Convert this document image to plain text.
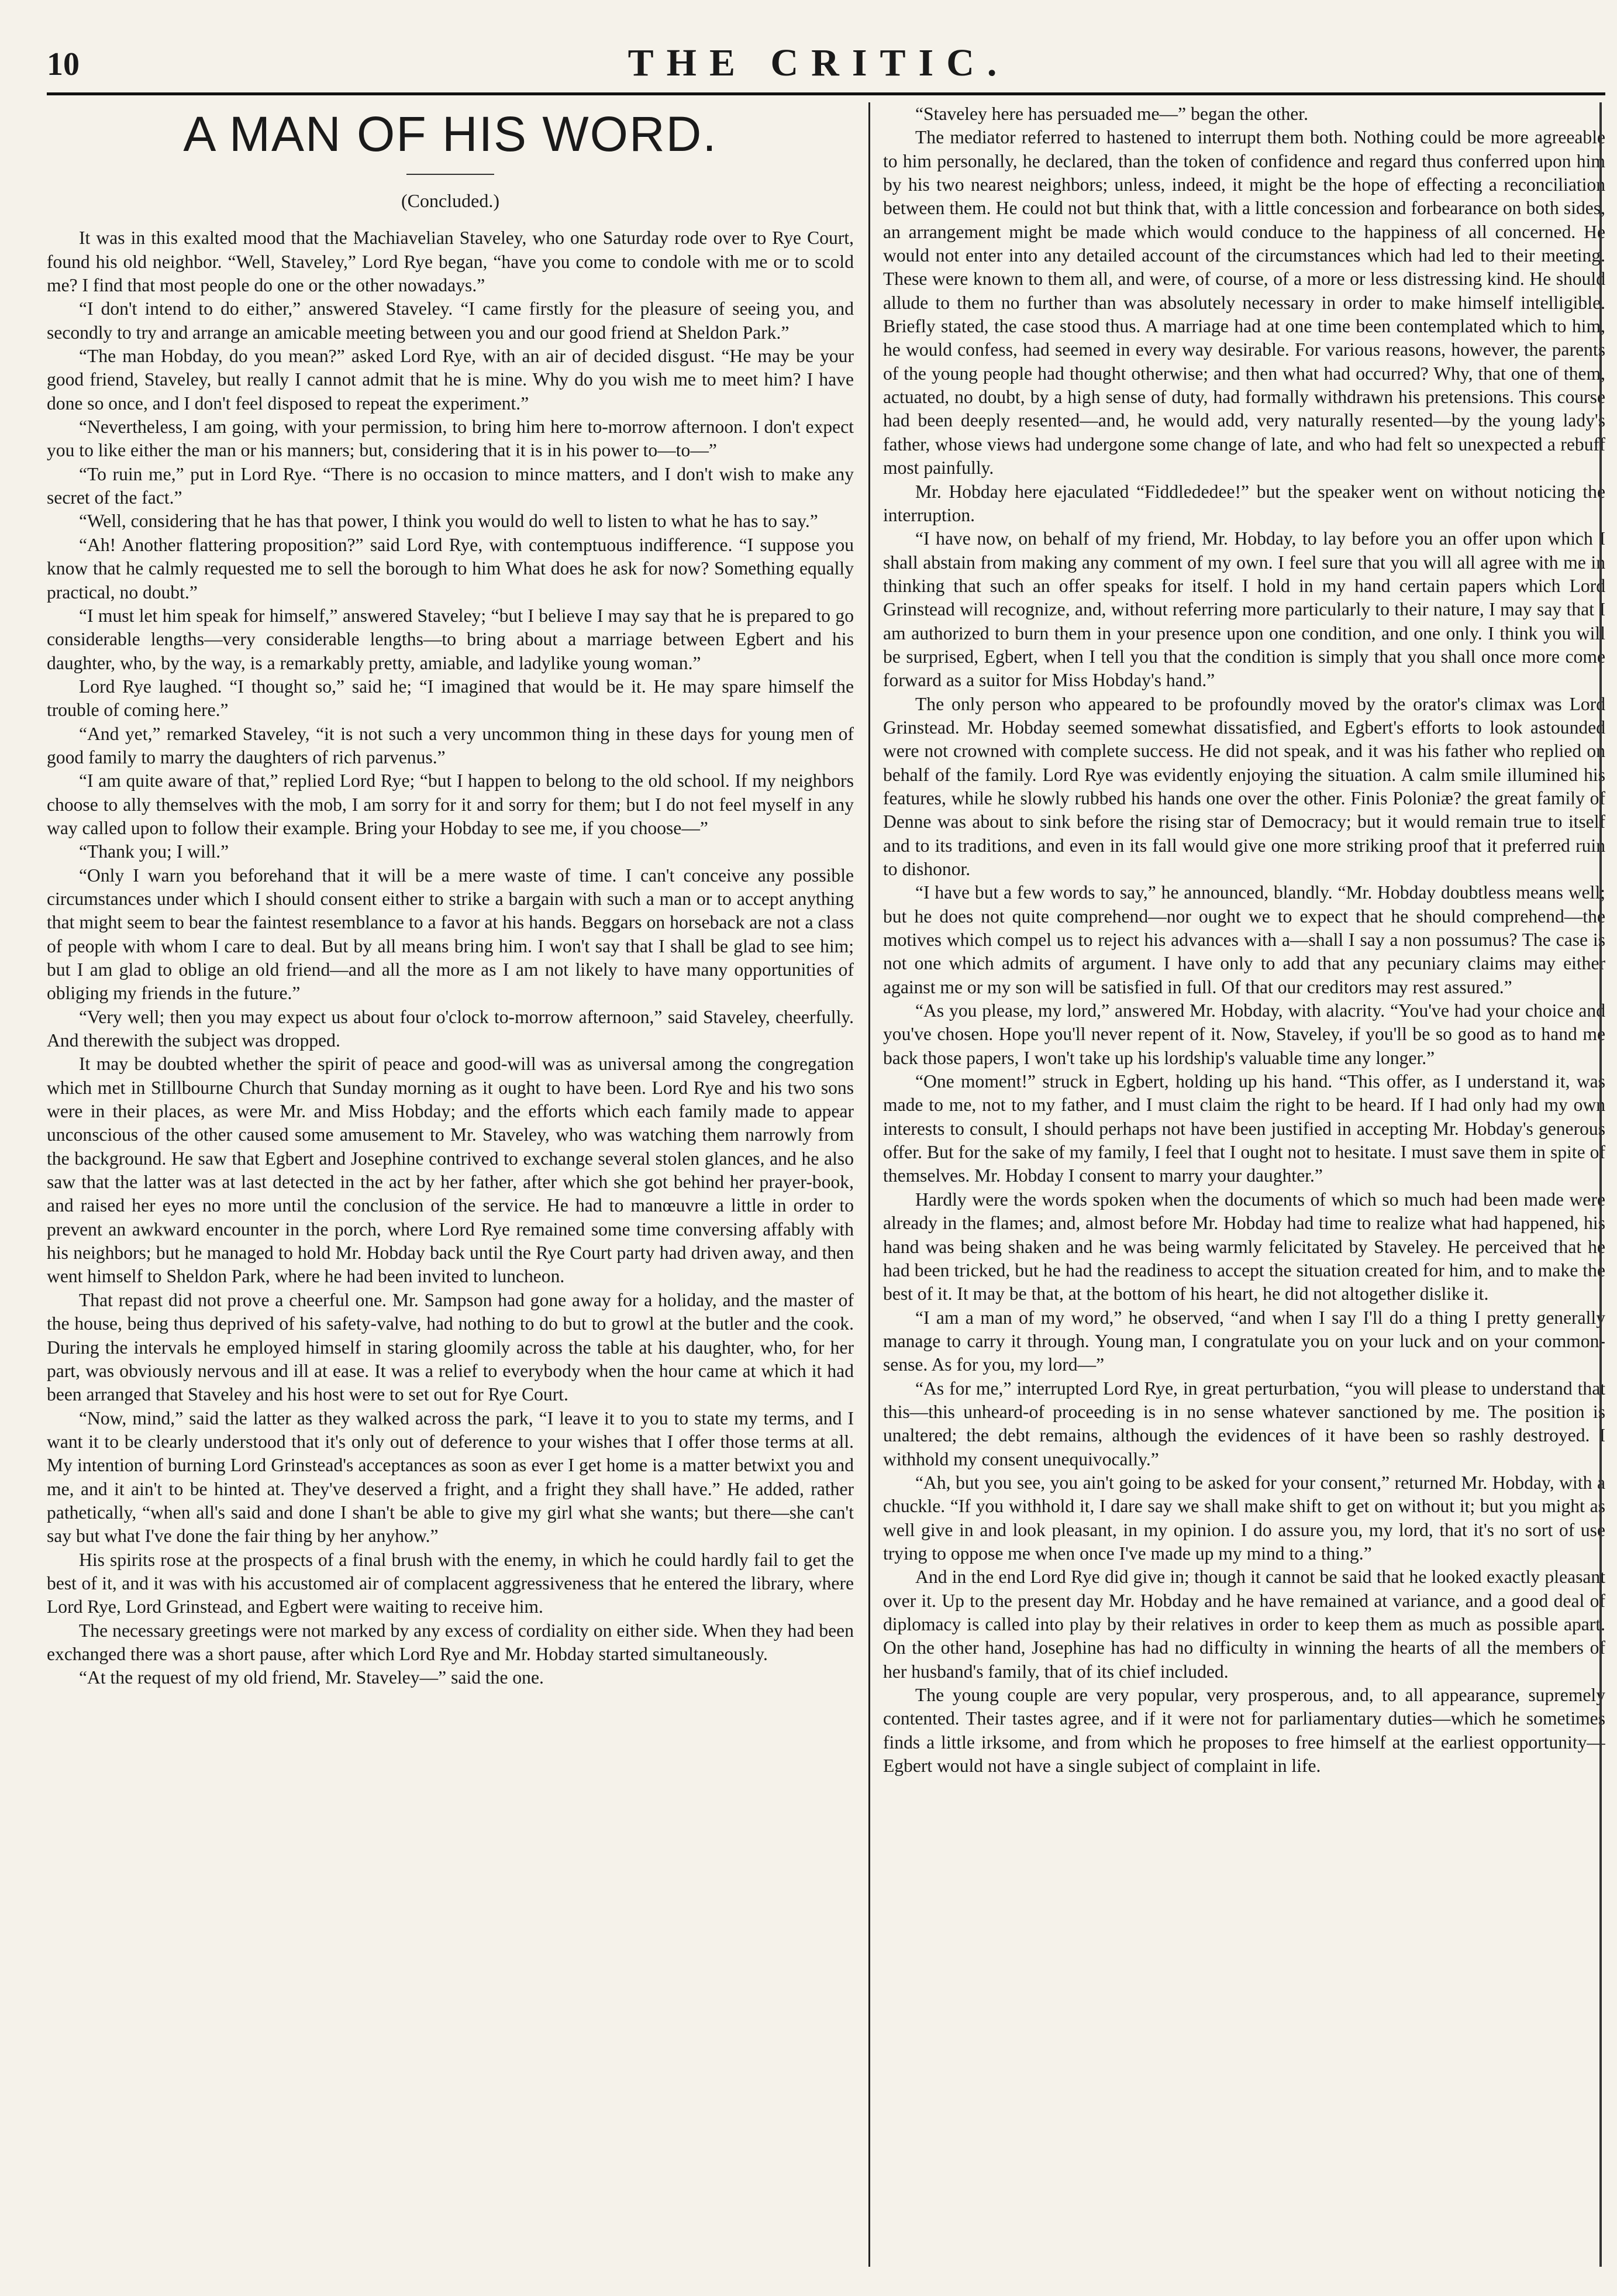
10	THE CRITIC.
A MAN OF HIS WORD.
(Concluded.)

It was in this exalted mood that the Machiavelian Staveley, who one Saturday rode over to Rye Court, found his old neighbor. “Well, Staveley,” Lord Rye began, “have you come to condole with me or to scold me? I find that most people do one or the other nowadays.”

“I don't intend to do either,” answered Staveley. “I came firstly for the pleasure of seeing you, and secondly to try and arrange an amicable meeting between you and our good friend at Sheldon Park.”

“The man Hobday, do you mean?” asked Lord Rye, with an air of decided disgust. “He may be your good friend, Staveley, but really I cannot admit that he is mine. Why do you wish me to meet him? I have done so once, and I don't feel disposed to repeat the experiment.”

“Nevertheless, I am going, with your permission, to bring him here to-morrow afternoon. I don't expect you to like either the man or his manners; but, considering that it is in his power to—to—”

“To ruin me,” put in Lord Rye. “There is no occasion to mince matters, and I don't wish to make any secret of the fact.”

“Well, considering that he has that power, I think you would do well to listen to what he has to say.”

“Ah! Another flattering proposition?” said Lord Rye, with contemptuous indifference. “I suppose you know that he calmly requested me to sell the borough to him What does he ask for now? Something equally practical, no doubt.”

“I must let him speak for himself,” answered Staveley; “but I believe I may say that he is prepared to go considerable lengths—very considerable lengths—to bring about a marriage between Egbert and his daughter, who, by the way, is a remarkably pretty, amiable, and ladylike young woman.”

Lord Rye laughed. “I thought so,” said he; “I imagined that would be it. He may spare himself the trouble of coming here.”

“And yet,” remarked Staveley, “it is not such a very uncommon thing in these days for young men of good family to marry the daughters of rich parvenus.”

“I am quite aware of that,” replied Lord Rye; “but I happen to belong to the old school. If my neighbors choose to ally themselves with the mob, I am sorry for it and sorry for them; but I do not feel myself in any way called upon to follow their example. Bring your Hobday to see me, if you choose—”

“Thank you; I will.”

“Only I warn you beforehand that it will be a mere waste of time. I can't conceive any possible circumstances under which I should consent either to strike a bargain with such a man or to accept anything that might seem to bear the faintest resemblance to a favor at his hands. Beggars on horseback are not a class of people with whom I care to deal. But by all means bring him. I won't say that I shall be glad to see him; but I am glad to oblige an old friend—and all the more as I am not likely to have many opportunities of obliging my friends in the future.”

“Very well; then you may expect us about four o'clock to-morrow afternoon,” said Staveley, cheerfully. And therewith the subject was dropped.

It may be doubted whether the spirit of peace and good-will was as universal among the congregation which met in Stillbourne Church that Sunday morning as it ought to have been. Lord Rye and his two sons were in their places, as were Mr. and Miss Hobday; and the efforts which each family made to appear unconscious of the other caused some amusement to Mr. Staveley, who was watching them narrowly from the background. He saw that Egbert and Josephine contrived to exchange several stolen glances, and he also saw that the latter was at last detected in the act by her father, after which she got behind her prayer-book, and raised her eyes no more until the conclusion of the service. He had to manœuvre a little in order to prevent an awkward encounter in the porch, where Lord Rye remained some time conversing affably with his neighbors; but he managed to hold Mr. Hobday back until the Rye Court party had driven away, and then went himself to Sheldon Park, where he had been invited to luncheon.

That repast did not prove a cheerful one. Mr. Sampson had gone away for a holiday, and the master of the house, being thus deprived of his safety-valve, had nothing to do but to growl at the butler and the cook. During the intervals he employed himself in staring gloomily across the table at his daughter, who, for her part, was obviously nervous and ill at ease. It was a relief to everybody when the hour came at which it had been arranged that Staveley and his host were to set out for Rye Court.

“Now, mind,” said the latter as they walked across the park, “I leave it to you to state my terms, and I want it to be clearly understood that it's only out of deference to your wishes that I offer those terms at all. My intention of burning Lord Grinstead's acceptances as soon as ever I get home is a matter betwixt you and me, and it ain't to be hinted at. They've deserved a fright, and a fright they shall have.” He added, rather pathetically, “when all's said and done I shan't be able to give my girl what she wants; but there—she can't say but what I've done the fair thing by her anyhow.”

His spirits rose at the prospects of a final brush with the enemy, in which he could hardly fail to get the best of it, and it was with his accustomed air of complacent aggressiveness that he entered the library, where Lord Rye, Lord Grinstead, and Egbert were waiting to receive him.

The necessary greetings were not marked by any excess of cordiality on either side. When they had been exchanged there was a short pause, after which Lord Rye and Mr. Hobday started simultaneously.

“At the request of my old friend, Mr. Staveley—” said the one.

“Staveley here has persuaded me—” began the other.

The mediator referred to hastened to interrupt them both. Nothing could be more agreeable to him personally, he declared, than the token of confidence and regard thus conferred upon him by his two nearest neighbors; unless, indeed, it might be the hope of effecting a reconciliation between them. He could not but think that, with a little concession and forbearance on both sides, an arrangement might be made which would conduce to the happiness of all concerned. He would not enter into any detailed account of the circumstances which had led to their meeting. These were known to them all, and were, of course, of a more or less distressing kind. He should allude to them no further than was absolutely necessary in order to make himself intelligible. Briefly stated, the case stood thus. A marriage had at one time been contemplated which to him, he would confess, had seemed in every way desirable. For various reasons, however, the parents of the young people had thought otherwise; and then what had occurred? Why, that one of them, actuated, no doubt, by a high sense of duty, had formally withdrawn his pretensions. This course had been deeply resented—and, he would add, very naturally resented—by the young lady's father, whose views had undergone some change of late, and who had felt so unexpected a rebuff most painfully.

Mr. Hobday here ejaculated “Fiddlededee!” but the speaker went on without noticing the interruption.

“I have now, on behalf of my friend, Mr. Hobday, to lay before you an offer upon which I shall abstain from making any comment of my own. I feel sure that you will all agree with me in thinking that such an offer speaks for itself. I hold in my hand certain papers which Lord Grinstead will recognize, and, without referring more particularly to their nature, I may say that I am authorized to burn them in your presence upon one condition, and one only. I think you will be surprised, Egbert, when I tell you that the condition is simply that you shall once more come forward as a suitor for Miss Hobday's hand.”

The only person who appeared to be profoundly moved by the orator's climax was Lord Grinstead. Mr. Hobday seemed somewhat dissatisfied, and Egbert's efforts to look astounded were not crowned with complete success. He did not speak, and it was his father who replied on behalf of the family. Lord Rye was evidently enjoying the situation. A calm smile illumined his features, while he slowly rubbed his hands one over the other. Finis Poloniæ? the great family of Denne was about to sink before the rising star of Democracy; but it would remain true to itself and to its traditions, and even in its fall would give one more striking proof that it preferred ruin to dishonor.

“I have but a few words to say,” he announced, blandly. “Mr. Hobday doubtless means well; but he does not quite comprehend—nor ought we to expect that he should comprehend—the motives which compel us to reject his advances with a—shall I say a non possumus? The case is not one which admits of argument. I have only to add that any pecuniary claims may either against me or my son will be satisfied in full. Of that our creditors may rest assured.”

“As you please, my lord,” answered Mr. Hobday, with alacrity. “You've had your choice and you've chosen. Hope you'll never repent of it. Now, Staveley, if you'll be so good as to hand me back those papers, I won't take up his lordship's valuable time any longer.”

“One moment!” struck in Egbert, holding up his hand. “This offer, as I understand it, was made to me, not to my father, and I must claim the right to be heard. If I had only had my own interests to consult, I should perhaps not have been justified in accepting Mr. Hobday's generous offer. But for the sake of my family, I feel that I ought not to hesitate. I must save them in spite of themselves. Mr. Hobday I consent to marry your daughter.”

Hardly were the words spoken when the documents of which so much had been made were already in the flames; and, almost before Mr. Hobday had time to realize what had happened, his hand was being shaken and he was being warmly felicitated by Staveley. He perceived that he had been tricked, but he had the readiness to accept the situation created for him, and to make the best of it. It may be that, at the bottom of his heart, he did not altogether dislike it.

“I am a man of my word,” he observed, “and when I say I'll do a thing I pretty generally manage to carry it through. Young man, I congratulate you on your luck and on your common-sense. As for you, my lord—”

“As for me,” interrupted Lord Rye, in great perturbation, “you will please to understand that this—this unheard-of proceeding is in no sense whatever sanctioned by me. The position is unaltered; the debt remains, although the evidences of it have been so rashly destroyed. I withhold my consent unequivocally.”

“Ah, but you see, you ain't going to be asked for your consent,” returned Mr. Hobday, with a chuckle. “If you withhold it, I dare say we shall make shift to get on without it; but you might as well give in and look pleasant, in my opinion. I do assure you, my lord, that it's no sort of use trying to oppose me when once I've made up my mind to a thing.”

And in the end Lord Rye did give in; though it cannot be said that he looked exactly pleasant over it. Up to the present day Mr. Hobday and he have remained at variance, and a good deal of diplomacy is called into play by their relatives in order to keep them as much as possible apart. On the other hand, Josephine has had no difficulty in winning the hearts of all the members of her husband's family, that of its chief included.

The young couple are very popular, very prosperous, and, to all appearance, supremely contented. Their tastes agree, and if it were not for parliamentary duties—which he sometimes finds a little irksome, and from which he proposes to free himself at the earliest opportunity—Egbert would not have a single subject of complaint in life.
